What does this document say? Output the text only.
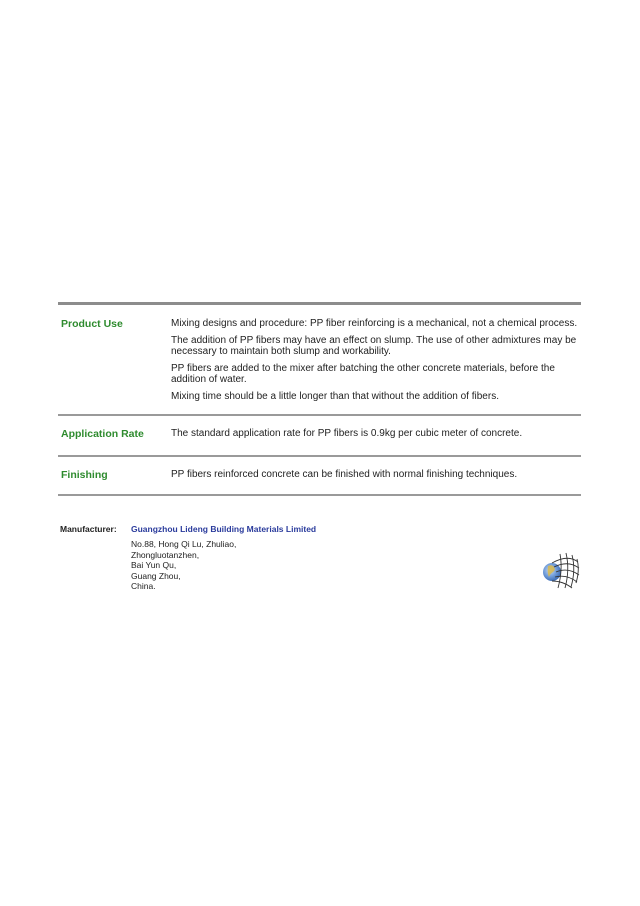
Product Use	Mixing designs and procedure: PP fiber reinforcing is a mechanical, not a chemical process.

The addition of PP fibers may have an effect on slump. The use of other admixtures may be necessary to maintain both slump and workability.

PP fibers are added to the mixer after batching the other concrete materials, before the addition of water.

Mixing time should be a little longer than that without the addition of fibers.

Application Rate	The standard application rate for PP fibers is 0.9kg per cubic meter of concrete.

Finishing	PP fibers reinforced concrete can be finished with normal finishing techniques.

Manufacturer: Guangzhou Lideng Building Materials Limited
No.88, Hong Qi Lu, Zhuliao,
Zhongluotanzhen,
Bai Yun Qu,
Guang Zhou,
China.
